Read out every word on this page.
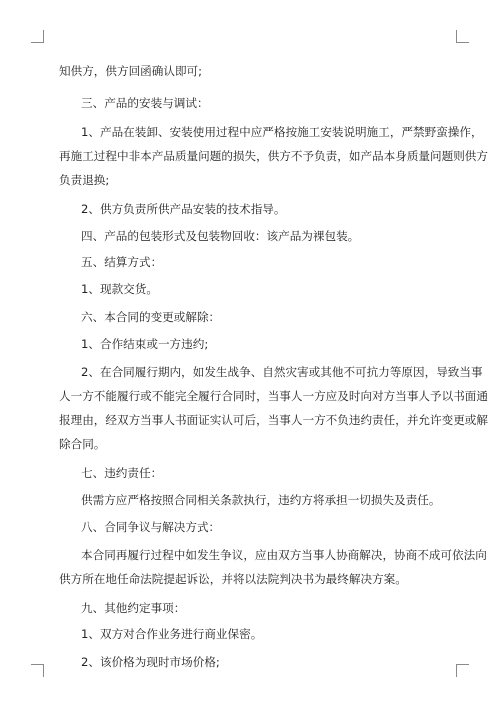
知供方，供方回函确认即可;
三、产品的安装与调试：
1、产品在装卸、安装使用过程中应严格按施工安装说明施工，严禁野蛮操作，
再施工过程中非本产品质量问题的损失，供方不予负责，如产品本身质量问题则供方
负责退换;
2、供方负责所供产品安装的技术指导。
四、产品的包装形式及包装物回收：该产品为裸包装。
五、结算方式：
1、现款交货。
六、本合同的变更或解除：
1、合作结束或一方违约;
2、在合同履行期内，如发生战争、自然灾害或其他不可抗力等原因，导致当事
人一方不能履行或不能完全履行合同时，当事人一方应及时向对方当事人予以书面通
报理由，经双方当事人书面证实认可后，当事人一方不负违约责任，并允许变更或解
除合同。
七、违约责任：
供需方应严格按照合同相关条款执行，违约方将承担一切损失及责任。
八、合同争议与解决方式：
本合同再履行过程中如发生争议，应由双方当事人协商解决，协商不成可依法向
供方所在地任命法院提起诉讼，并将以法院判决书为最终解决方案。
九、其他约定事项：
1、双方对合作业务进行商业保密。
2、该价格为现时市场价格;
